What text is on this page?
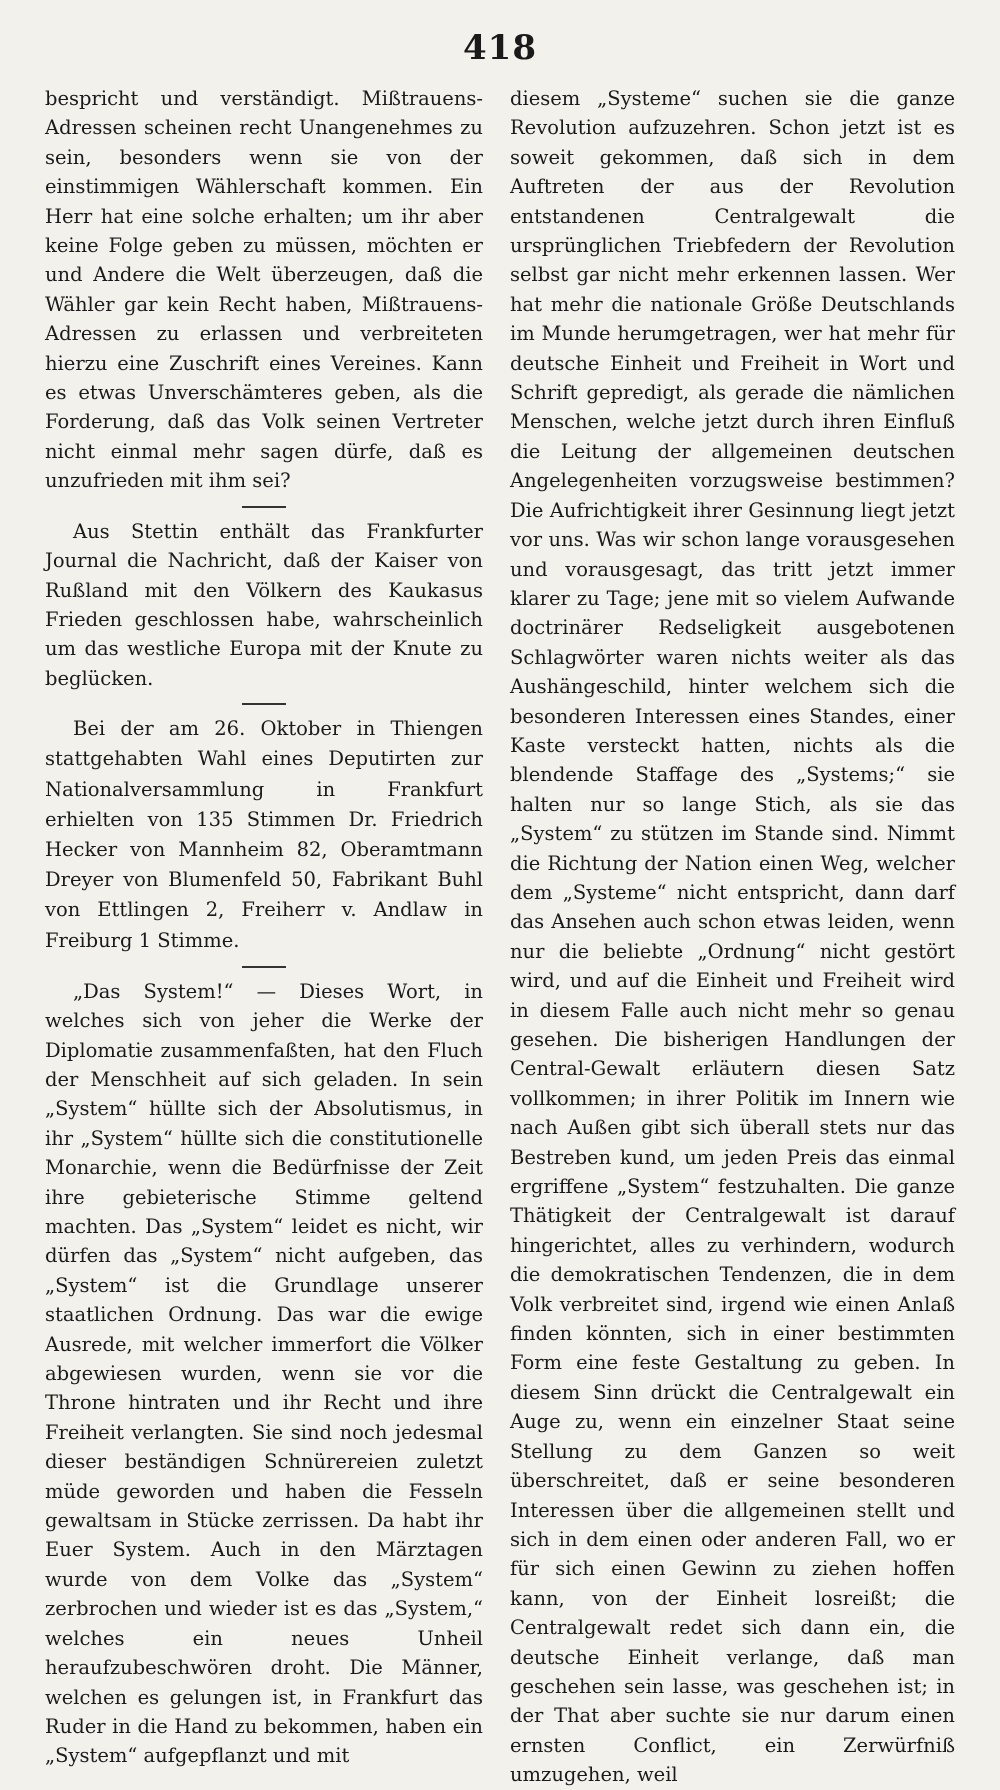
418

bespricht und verständigt. Mißtrauens-Adressen scheinen recht Unangenehmes zu sein, besonders wenn sie von der einstimmigen Wählerschaft kommen. Ein Herr hat eine solche erhalten; um ihr aber keine Folge geben zu müssen, möchten er und Andere die Welt überzeugen, daß die Wähler gar kein Recht haben, Mißtrauens-Adressen zu erlassen und verbreiteten hierzu eine Zuschrift eines Vereines. Kann es etwas Unverschämteres geben, als die Forderung, daß das Volk seinen Vertreter nicht einmal mehr sagen dürfe, daß es unzufrieden mit ihm sei?

Aus Stettin enthält das Frankfurter Journal die Nachricht, daß der Kaiser von Rußland mit den Völkern des Kaukasus Frieden geschlossen habe, wahrscheinlich um das westliche Europa mit der Knute zu beglücken.

Bei der am 26. Oktober in Thiengen stattgehabten Wahl eines Deputirten zur Nationalversammlung in Frankfurt erhielten von 135 Stimmen Dr. Friedrich Hecker von Mannheim 82, Oberamtmann Dreyer von Blumenfeld 50, Fabrikant Buhl von Ettlingen 2, Freiherr v. Andlaw in Freiburg 1 Stimme.

„Das System!“ — Dieses Wort, in welches sich von jeher die Werke der Diplomatie zusammenfaßten, hat den Fluch der Menschheit auf sich geladen. In sein „System“ hüllte sich der Absolutismus, in ihr „System“ hüllte sich die constitutionelle Monarchie, wenn die Bedürfnisse der Zeit ihre gebieterische Stimme geltend machten. Das „System“ leidet es nicht, wir dürfen das „System“ nicht aufgeben, das „System“ ist die Grundlage unserer staatlichen Ordnung. Das war die ewige Ausrede, mit welcher immerfort die Völker abgewiesen wurden, wenn sie vor die Throne hintraten und ihr Recht und ihre Freiheit verlangten. Sie sind noch jedesmal dieser beständigen Schnürereien zuletzt müde geworden und haben die Fesseln gewaltsam in Stücke zerrissen. Da habt ihr Euer System. Auch in den Märztagen wurde von dem Volke das „System“ zerbrochen und wieder ist es das „System,“ welches ein neues Unheil heraufzubeschwören droht. Die Männer, welchen es gelungen ist, in Frankfurt das Ruder in die Hand zu bekommen, haben ein „System“ aufgepflanzt und mit

diesem „Systeme“ suchen sie die ganze Revolution aufzuzehren. Schon jetzt ist es soweit gekommen, daß sich in dem Auftreten der aus der Revolution entstandenen Centralgewalt die ursprünglichen Triebfedern der Revolution selbst gar nicht mehr erkennen lassen. Wer hat mehr die nationale Größe Deutschlands im Munde herumgetragen, wer hat mehr für deutsche Einheit und Freiheit in Wort und Schrift gepredigt, als gerade die nämlichen Menschen, welche jetzt durch ihren Einfluß die Leitung der allgemeinen deutschen Angelegenheiten vorzugsweise bestimmen? Die Aufrichtigkeit ihrer Gesinnung liegt jetzt vor uns. Was wir schon lange vorausgesehen und vorausgesagt, das tritt jetzt immer klarer zu Tage; jene mit so vielem Aufwande doctrinärer Redseligkeit ausgebotenen Schlagwörter waren nichts weiter als das Aushängeschild, hinter welchem sich die besonderen Interessen eines Standes, einer Kaste versteckt hatten, nichts als die blendende Staffage des „Systems;“ sie halten nur so lange Stich, als sie das „System“ zu stützen im Stande sind. Nimmt die Richtung der Nation einen Weg, welcher dem „Systeme“ nicht entspricht, dann darf das Ansehen auch schon etwas leiden, wenn nur die beliebte „Ordnung“ nicht gestört wird, und auf die Einheit und Freiheit wird in diesem Falle auch nicht mehr so genau gesehen. Die bisherigen Handlungen der Central-Gewalt erläutern diesen Satz vollkommen; in ihrer Politik im Innern wie nach Außen gibt sich überall stets nur das Bestreben kund, um jeden Preis das einmal ergriffene „System“ festzuhalten. Die ganze Thätigkeit der Centralgewalt ist darauf hingerichtet, alles zu verhindern, wodurch die demokratischen Tendenzen, die in dem Volk verbreitet sind, irgend wie einen Anlaß finden könnten, sich in einer bestimmten Form eine feste Gestaltung zu geben. In diesem Sinn drückt die Centralgewalt ein Auge zu, wenn ein einzelner Staat seine Stellung zu dem Ganzen so weit überschreitet, daß er seine besonderen Interessen über die allgemeinen stellt und sich in dem einen oder anderen Fall, wo er für sich einen Gewinn zu ziehen hoffen kann, von der Einheit losreißt; die Centralgewalt redet sich dann ein, die deutsche Einheit verlange, daß man geschehen sein lasse, was geschehen ist; in der That aber suchte sie nur darum einen ernsten Conflict, ein Zerwürfniß umzugehen, weil
